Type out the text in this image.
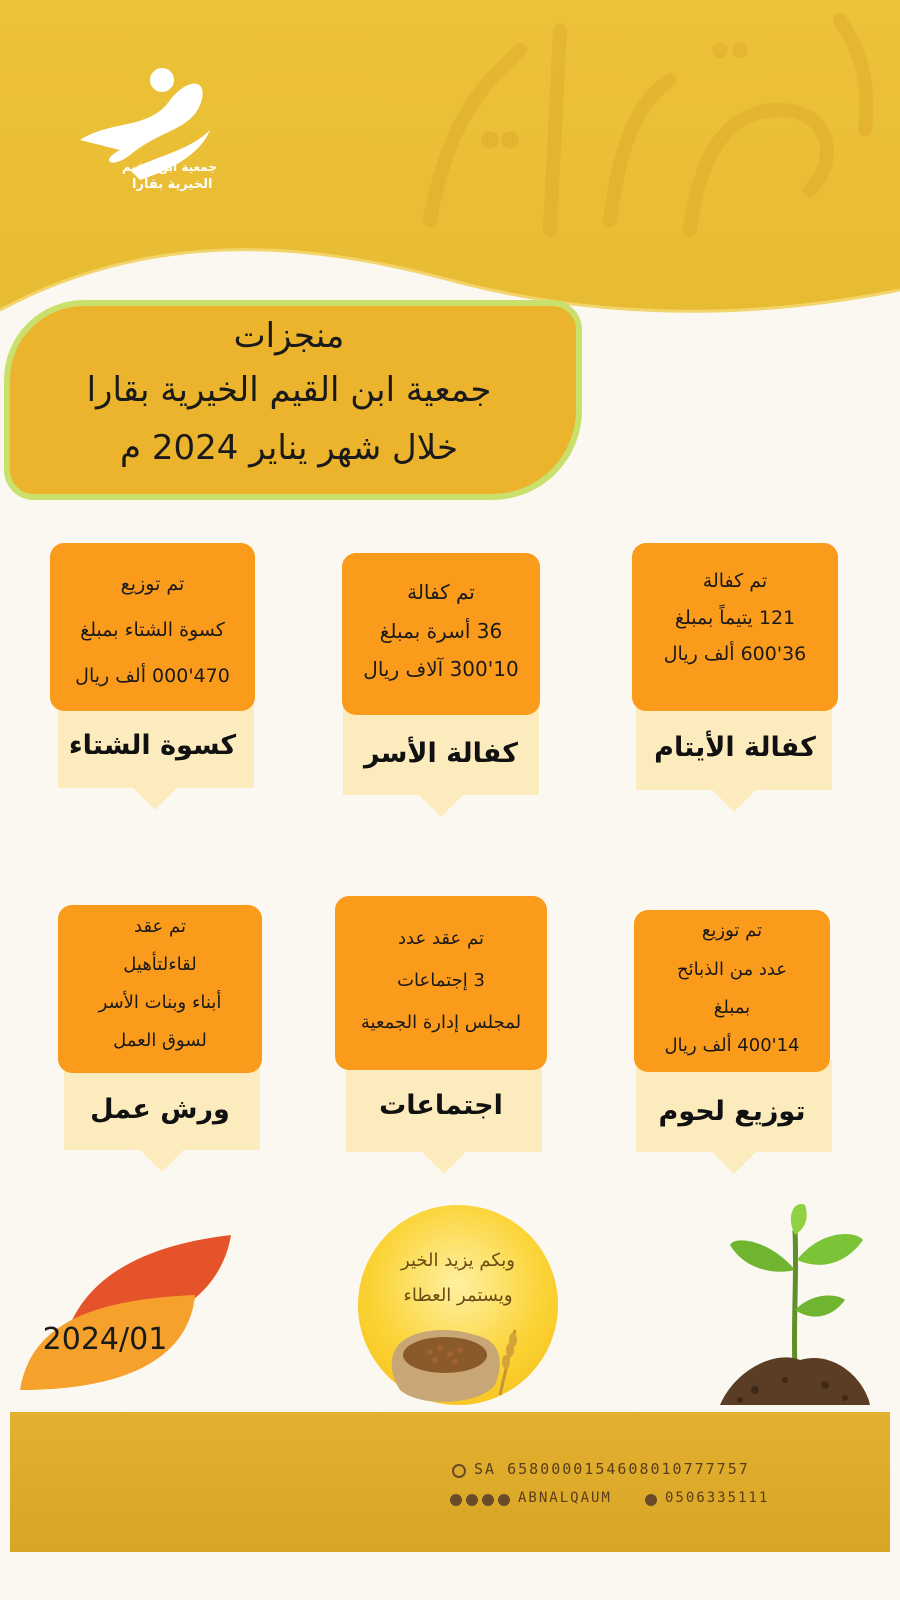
جمعية ابن القيم
الخيرية بقارا
منجزات
جمعية ابن القيم الخيرية بقارا
خلال شهر يناير 2024 م
تم كفالة
121 يتيماً بمبلغ
36'600 ألف ريال
كفالة الأيتام
تم كفالة
36 أسرة بمبلغ
10'300 آلاف ريال
كفالة الأسر
تم توزيع
كسوة الشتاء بمبلغ
470'000 ألف ريال
كسوة الشتاء
تم توزيع
عدد من الذبائح
بمبلغ
14'400 ألف ريال
توزيع لحوم
تم عقد عدد
3 إجتماعات
لمجلس إدارة الجمعية
اجتماعات
تم عقد
لقاءلتأهيل
أبناء وبنات الأسر
لسوق العمل
ورش عمل
2024/01
وبكم يزيد الخير
ويستمر العطاء
SA 6580000154608010777757
ABNALQAUM	0506335111
